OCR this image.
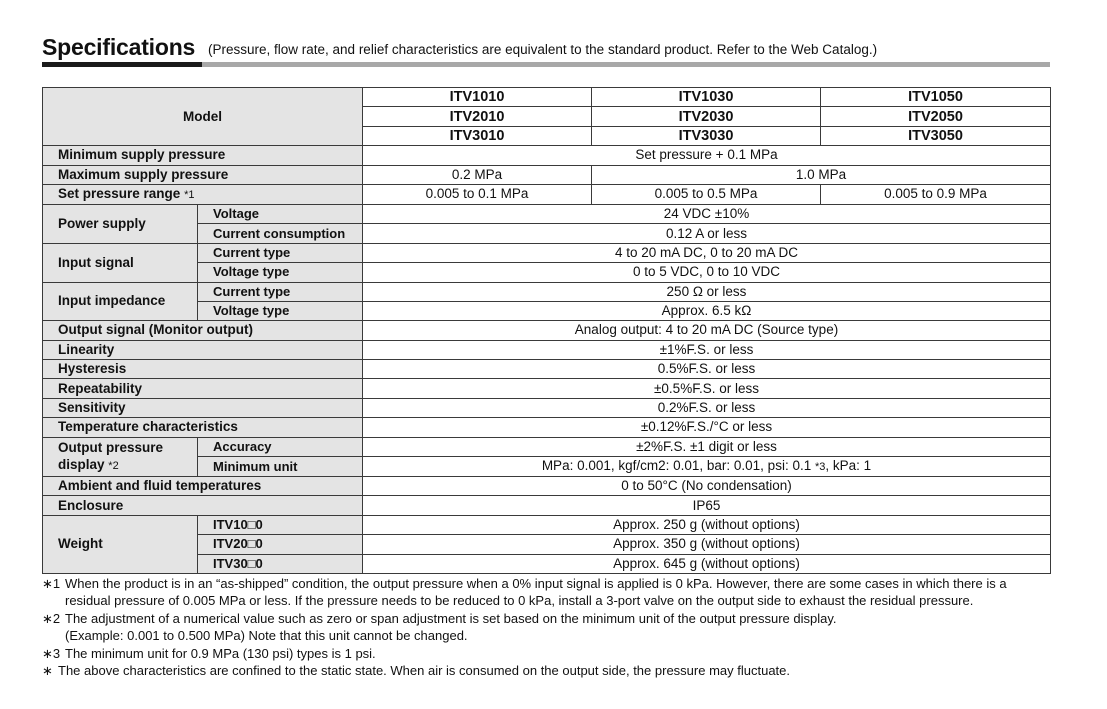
Specifications (Pressure, flow rate, and relief characteristics are equivalent to the standard product. Refer to the Web Catalog.)
Model		ITV1010	ITV1030	ITV1050
		ITV2010	ITV2030	ITV2050
		ITV3010	ITV3030	ITV3050
Minimum supply pressure		Set pressure + 0.1 MPa		
Maximum supply pressure		0.2 MPa	1.0 MPa	
Set pressure range *1		0.005 to 0.1 MPa	0.005 to 0.5 MPa	0.005 to 0.9 MPa
Power supply	Voltage	24 VDC ±10%		
	Current consumption	0.12 A or less		
Input signal	Current type	4 to 20 mA DC, 0 to 20 mA DC		
	Voltage type	0 to 5 VDC, 0 to 10 VDC		
Input impedance	Current type	250 Ω or less		
	Voltage type	Approx. 6.5 kΩ		
Output signal (Monitor output)		Analog output: 4 to 20 mA DC (Source type)		
Linearity		±1%F.S. or less		
Hysteresis		0.5%F.S. or less		
Repeatability		±0.5%F.S. or less		
Sensitivity		0.2%F.S. or less		
Temperature characteristics		±0.12%F.S./°C or less		
Output pressure display *2	Accuracy	±2%F.S. ±1 digit or less		
	Minimum unit	MPa: 0.001, kgf/cm2: 0.01, bar: 0.01, psi: 0.1 *3, kPa: 1		
Ambient and fluid temperatures		0 to 50°C (No condensation)		
Enclosure		IP65		
Weight	ITV10□0	Approx. 250 g (without options)		
	ITV20□0	Approx. 350 g (without options)		
	ITV30□0	Approx. 645 g (without options)		
∗1 When the product is in an “as-shipped” condition, the output pressure when a 0% input signal is applied is 0 kPa. However, there are some cases in which there is a residual pressure of 0.005 MPa or less. If the pressure needs to be reduced to 0 kPa, install a 3-port valve on the output side to exhaust the residual pressure.
∗2 The adjustment of a numerical value such as zero or span adjustment is set based on the minimum unit of the output pressure display.
(Example: 0.001 to 0.500 MPa) Note that this unit cannot be changed.
∗3 The minimum unit for 0.9 MPa (130 psi) types is 1 psi.
∗ The above characteristics are confined to the static state. When air is consumed on the output side, the pressure may fluctuate.
